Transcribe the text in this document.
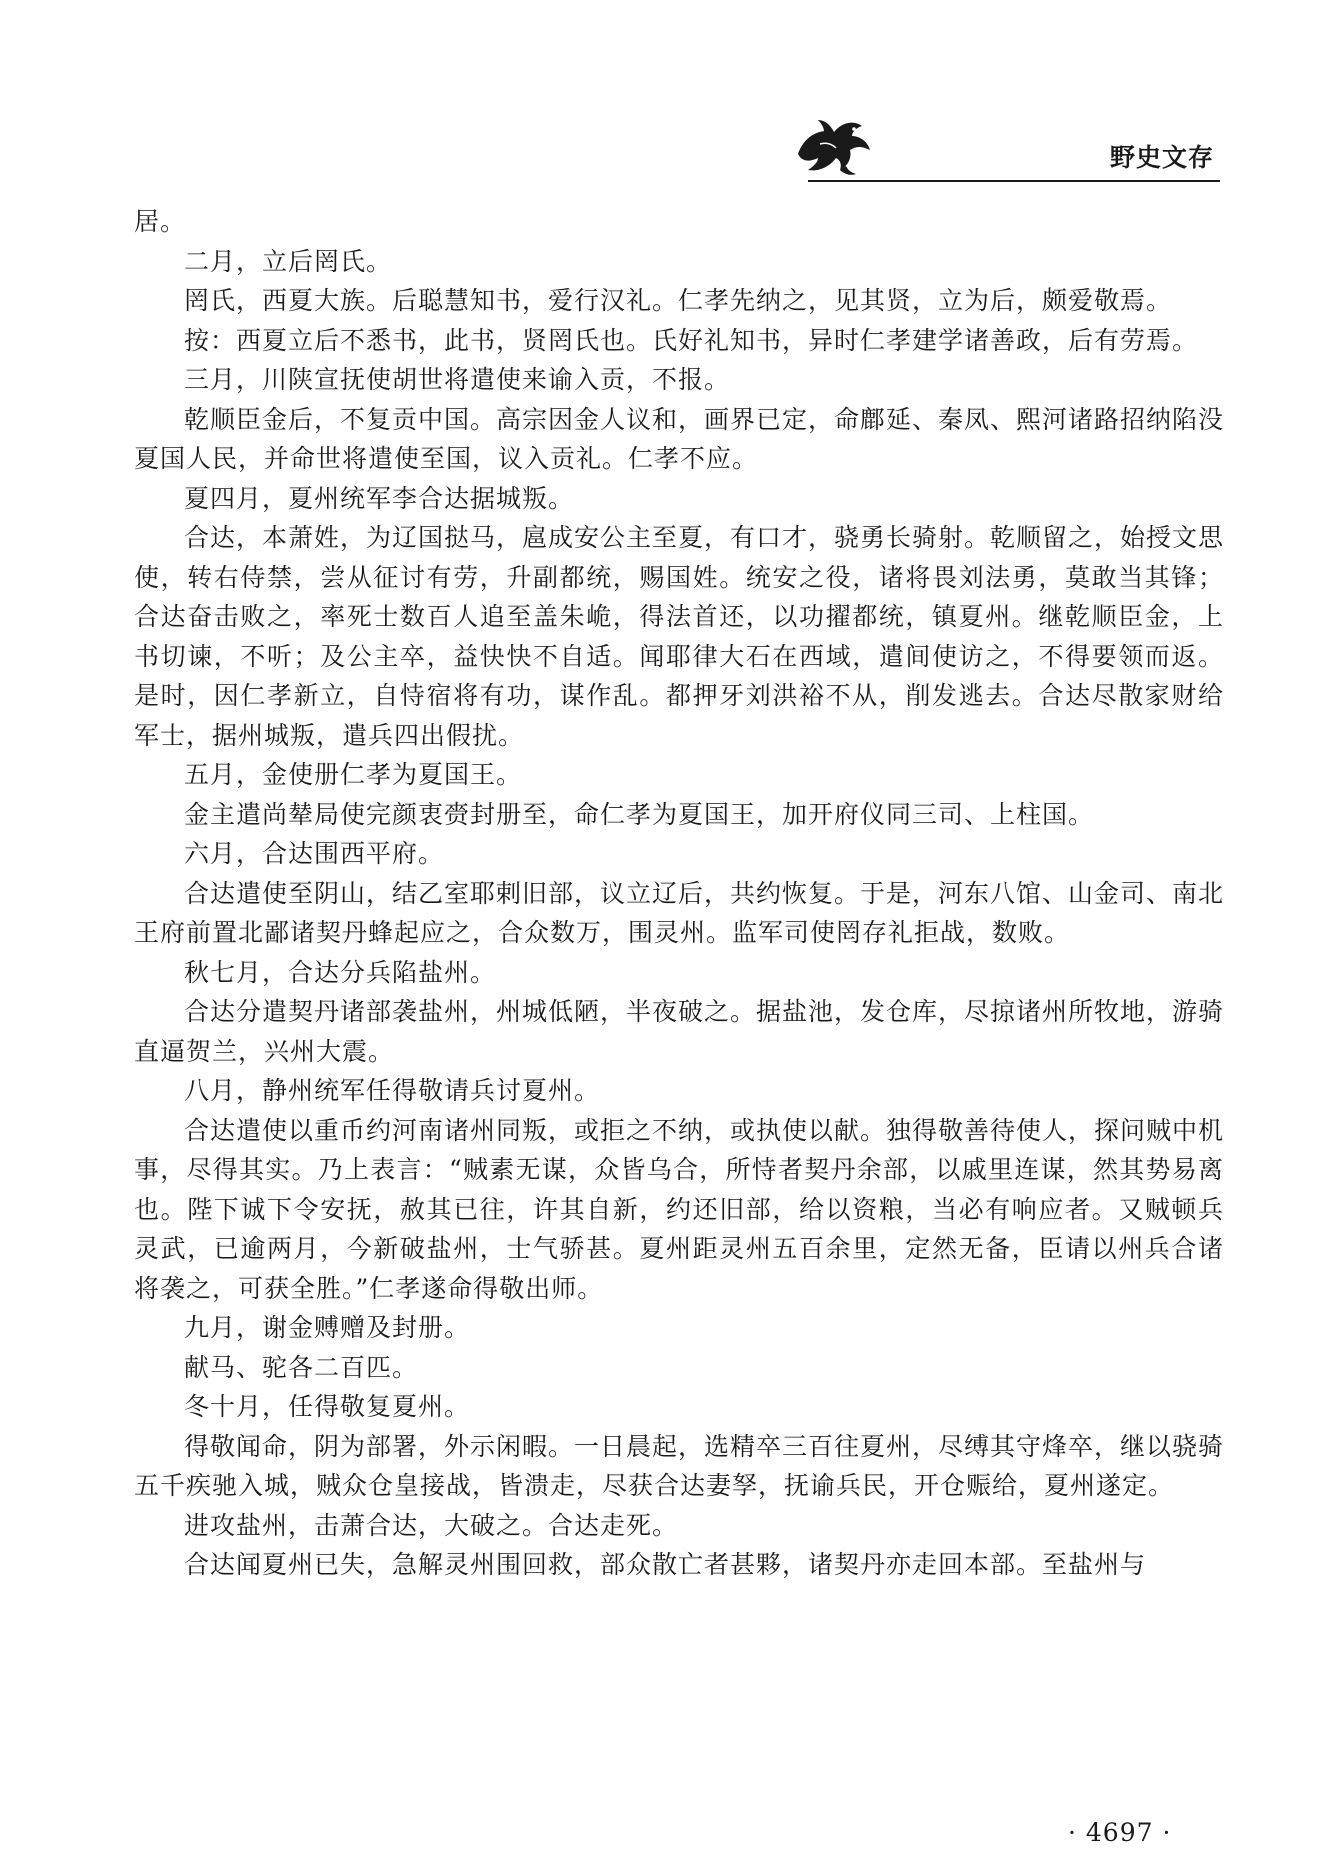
野史文存

居。

二月，立后罔氏。

罔氏，西夏大族。后聪慧知书，爱行汉礼。仁孝先纳之，见其贤，立为后，颇爱敬焉。

按：西夏立后不悉书，此书，贤罔氏也。氏好礼知书，异时仁孝建学诸善政，后有劳焉。

三月，川陕宣抚使胡世将遣使来谕入贡，不报。

乾顺臣金后，不复贡中国。高宗因金人议和，画界已定，命鄜延、秦凤、熙河诸路招纳陷没夏国人民，并命世将遣使至国，议入贡礼。仁孝不应。

夏四月，夏州统军李合达据城叛。

合达，本萧姓，为辽国挞马，扈成安公主至夏，有口才，骁勇长骑射。乾顺留之，始授文思使，转右侍禁，尝从征讨有劳，升副都统，赐国姓。统安之役，诸将畏刘法勇，莫敢当其锋；合达奋击败之，率死士数百人追至盖朱峗，得法首还，以功擢都统，镇夏州。继乾顺臣金，上书切谏，不听；及公主卒，益快快不自适。闻耶律大石在西域，遣间使访之，不得要领而返。是时，因仁孝新立，自恃宿将有功，谋作乱。都押牙刘洪裕不从，削发逃去。合达尽散家财给军士，据州城叛，遣兵四出假扰。

五月，金使册仁孝为夏国王。

金主遣尚辇局使完颜衷赍封册至，命仁孝为夏国王，加开府仪同三司、上柱国。

六月，合达围西平府。

合达遣使至阴山，结乙室耶剌旧部，议立辽后，共约恢复。于是，河东八馆、山金司、南北王府前置北鄙诸契丹蜂起应之，合众数万，围灵州。监军司使罔存礼拒战，数败。

秋七月，合达分兵陷盐州。

合达分遣契丹诸部袭盐州，州城低陋，半夜破之。据盐池，发仓库，尽掠诸州所牧地，游骑直逼贺兰，兴州大震。

八月，静州统军任得敬请兵讨夏州。

合达遣使以重币约河南诸州同叛，或拒之不纳，或执使以献。独得敬善待使人，探问贼中机事，尽得其实。乃上表言：“贼素无谋，众皆乌合，所恃者契丹余部，以戚里连谋，然其势易离也。陛下诚下令安抚，赦其已往，许其自新，约还旧部，给以资粮，当必有响应者。又贼顿兵灵武，已逾两月，今新破盐州，士气骄甚。夏州距灵州五百余里，定然无备，臣请以州兵合诸将袭之，可获全胜。”仁孝遂命得敬出师。

九月，谢金赙赠及封册。

献马、驼各二百匹。

冬十月，任得敬复夏州。

得敬闻命，阴为部署，外示闲暇。一日晨起，选精卒三百往夏州，尽缚其守烽卒，继以骁骑五千疾驰入城，贼众仓皇接战，皆溃走，尽获合达妻孥，抚谕兵民，开仓赈给，夏州遂定。

进攻盐州，击萧合达，大破之。合达走死。

合达闻夏州已失，急解灵州围回救，部众散亡者甚夥，诸契丹亦走回本部。至盐州与

· 4697 ·
